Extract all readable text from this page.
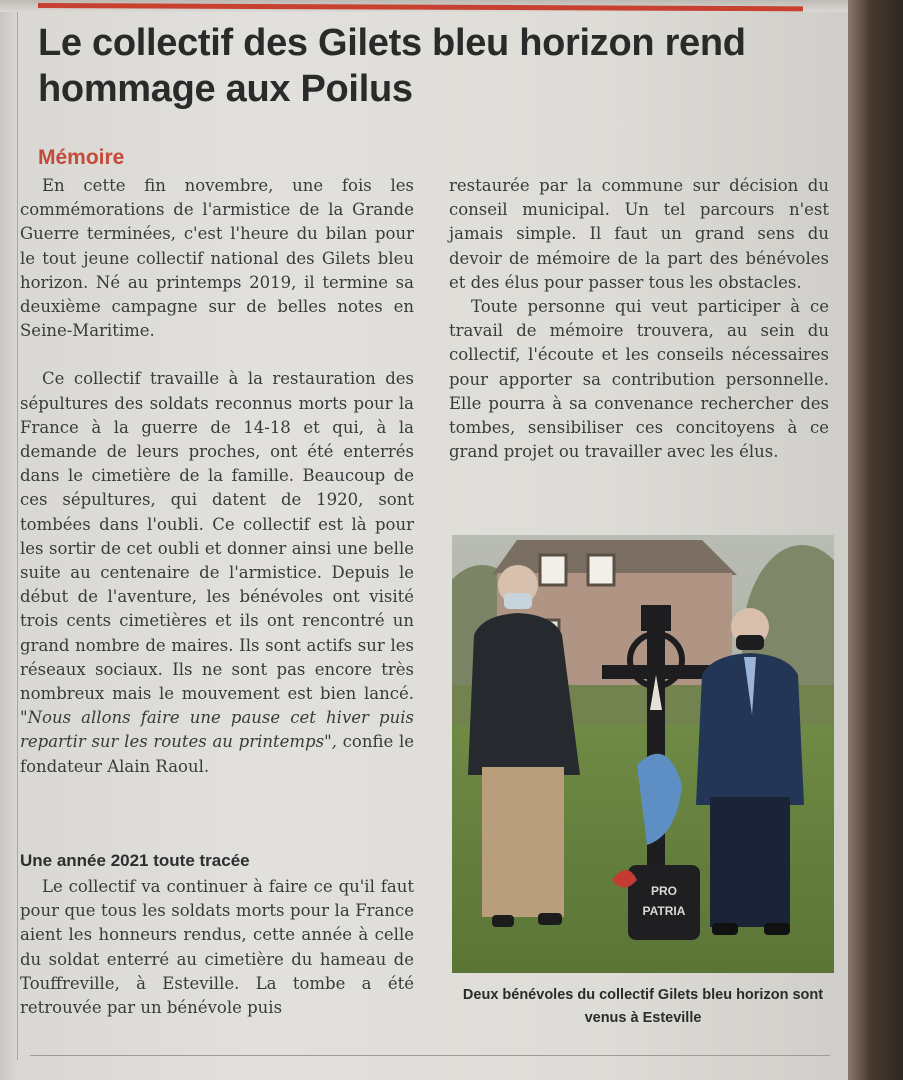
Le collectif des Gilets bleu horizon rend hommage aux Poilus
Mémoire

En cette fin novembre, une fois les commémorations de l'armistice de la Grande Guerre terminées, c'est l'heure du bilan pour le tout jeune collectif national des Gilets bleu horizon. Né au printemps 2019, il termine sa deuxième campagne sur de belles notes en Seine-Maritime.

Ce collectif travaille à la restauration des sépultures des soldats reconnus morts pour la France à la guerre de 14-18 et qui, à la demande de leurs proches, ont été enterrés dans le cimetière de la famille. Beaucoup de ces sépultures, qui datent de 1920, sont tombées dans l'oubli. Ce collectif est là pour les sortir de cet oubli et donner ainsi une belle suite au centenaire de l'armistice. Depuis le début de l'aventure, les bénévoles ont visité trois cents cimetières et ils ont rencontré un grand nombre de maires. Ils sont actifs sur les réseaux sociaux. Ils ne sont pas encore très nombreux mais le mouvement est bien lancé. "Nous allons faire une pause cet hiver puis repartir sur les routes au printemps", confie le fondateur Alain Raoul.

Une année 2021 toute tracée

Le collectif va continuer à faire ce qu'il faut pour que tous les soldats morts pour la France aient les honneurs rendus, cette année à celle du soldat enterré au cimetière du hameau de Touffreville, à Esteville. La tombe a été retrouvée par un bénévole puis

restaurée par la commune sur décision du conseil municipal. Un tel parcours n'est jamais simple. Il faut un grand sens du devoir de mémoire de la part des bénévoles et des élus pour passer tous les obstacles.

Toute personne qui veut participer à ce travail de mémoire trouvera, au sein du collectif, l'écoute et les conseils nécessaires pour apporter sa contribution personnelle. Elle pourra à sa convenance rechercher des tombes, sensibiliser ces concitoyens à ce grand projet ou travailler avec les élus.

PRO
PATRIA
Deux bénévoles du collectif Gilets bleu horizon sont venus à Esteville
